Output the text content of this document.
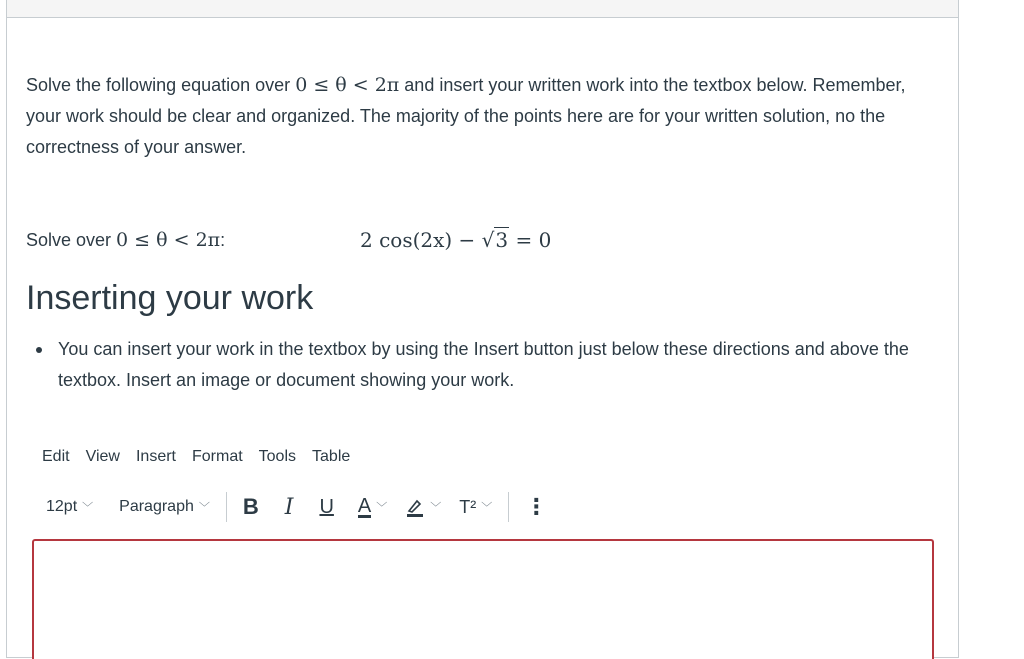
Solve the following equation over 0 ≤ θ < 2π and insert your written work into the textbox below. Remember, your work should be clear and organized. The majority of the points here are for your written solution, no the correctness of your answer.
Solve over 0 ≤ θ < 2π:	2 cos(2x) − √3 = 0
Inserting your work
You can insert your work in the textbox by using the Insert button just below these directions and above the textbox. Insert an image or document showing your work.
Edit	View	Insert	Format	Tools	Table
12pt ﹀ Paragraph ﹀ B I U A ﹀	﹀ T² ﹀ ⋮
